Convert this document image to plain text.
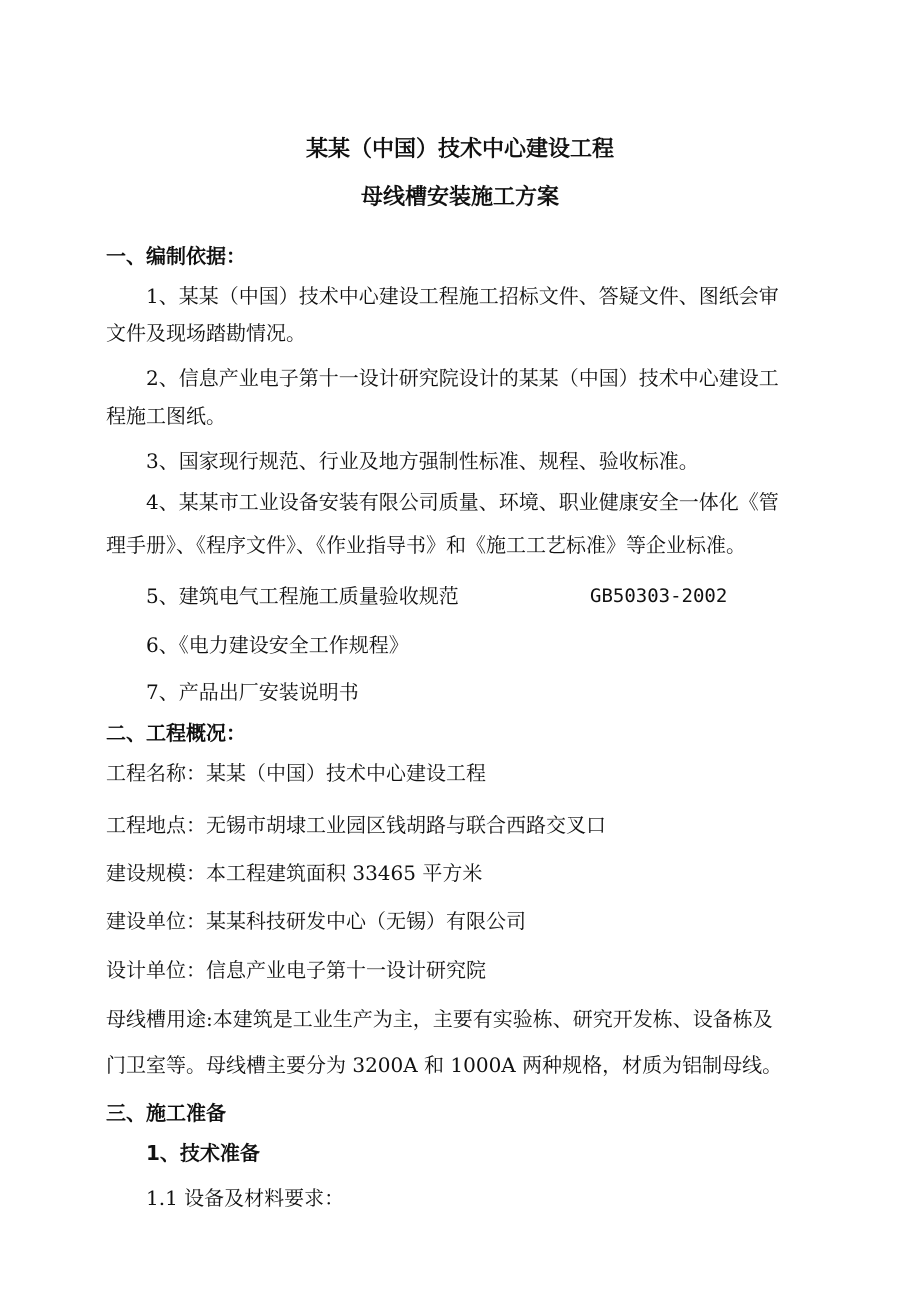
某某（中国）技术中心建设工程
母线槽安装施工方案
一、编制依据：
1、某某（中国）技术中心建设工程施工招标文件、答疑文件、图纸会审
文件及现场踏勘情况。
2、信息产业电子第十一设计研究院设计的某某（中国）技术中心建设工
程施工图纸。
3、国家现行规范、行业及地方强制性标准、规程、验收标准。
4、某某市工业设备安装有限公司质量、环境、职业健康安全一体化《管
理手册》、《程序文件》、《作业指导书》和《施工工艺标准》等企业标准。
5、建筑电气工程施工质量验收规范	GB50303-2002
6、《电力建设安全工作规程》
7、产品出厂安装说明书
二、工程概况：
工程名称：某某（中国）技术中心建设工程
工程地点：无锡市胡埭工业园区钱胡路与联合西路交叉口
建设规模：本工程建筑面积 33465 平方米
建设单位：某某科技研发中心（无锡）有限公司
设计单位：信息产业电子第十一设计研究院
母线槽用途:本建筑是工业生产为主，主要有实验栋、研究开发栋、设备栋及
门卫室等。母线槽主要分为 3200A 和 1000A 两种规格，材质为铝制母线。
三、施工准备
1、技术准备
1.1 设备及材料要求：
